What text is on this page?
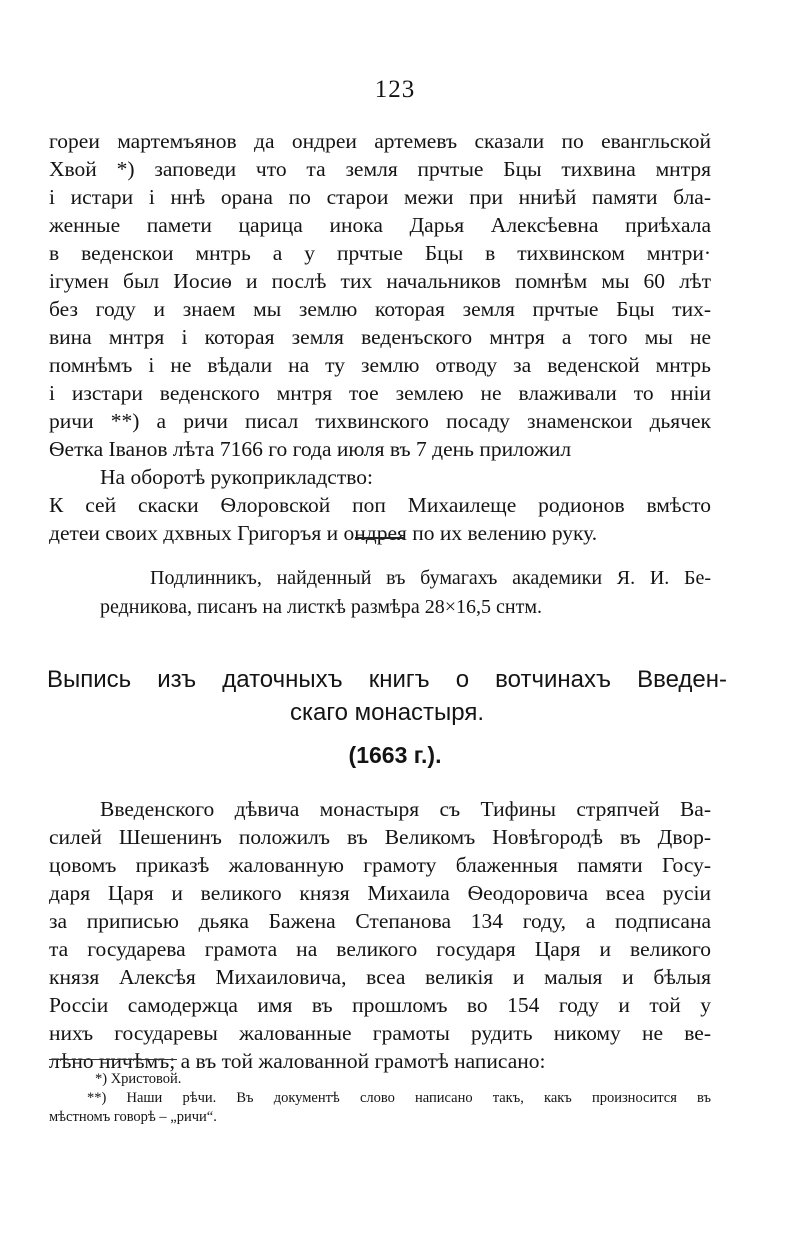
123
гореи мартемъянов да ондреи артемевъ сказали по евангльской
Хвой *) заповеди что та земля прчтые Бцы тихвина мнтря
і истари і ннѣ орана по старои межи при нниѣй памяти бла-
женные памети царица инока Дарья Алексѣевна приѣхала
в веденскои мнтрь а у прчтые Бцы в тихвинском мнтри·
ігумен был Иосиѳ и послѣ тих начальников помнѣм мы 60 лѣт
без году и знаем мы землю которая земля прчтые Бцы тих-
вина мнтря і которая земля веденъского мнтря а того мы не
помнѣмъ і не вѣдали на ту землю отводу за веденской мнтрь
і изстари веденского мнтря тое землею не влаживали то нніи
ричи **) а ричи писал тихвинского посаду знаменскои дьячек
Ѳетка Іванов лѣта 7166 го года июля въ 7 день приложил
На оборотѣ рукоприкладство:
К сей скаски Ѳлоровской поп Михаилеще родионов вмѣсто
детеи своих дхвных Григоръя и ондрея по их велению руку.
Подлинникъ, найденный въ бумагахъ академики Я. И. Бе-
редникова, писанъ на листкѣ размѣра 28×16,5 снтм.
Выпись изъ даточныхъ книгъ о вотчинахъ Введен-
скаго монастыря.
(1663 г.).
Введенского дѣвича монастыря съ Тифины стряпчей Ва-
силей Шешенинъ положилъ въ Великомъ Новѣгородѣ въ Двор-
цовомъ приказѣ жалованную грамоту блаженныя памяти Госу-
даря Царя и великого князя Михаила Ѳеодоровича всеа русіи
за приписью дьяка Бажена Степанова 134 году, а подписана
та государева грамота на великого государя Царя и великого
князя Алексѣя Михаиловича, всеа великія и малыя и бѣлыя
Россіи самодержца имя въ прошломъ во 154 году и той у
нихъ государевы жалованные грамоты рудить никому не ве-
лѣно ничѣмъ; а въ той жалованной грамотѣ написано:
*) Христовой.
**) Наши рѣчи. Въ документѣ слово написано такъ, какъ произносится въ
мѣстномъ говорѣ – „ричи“.
